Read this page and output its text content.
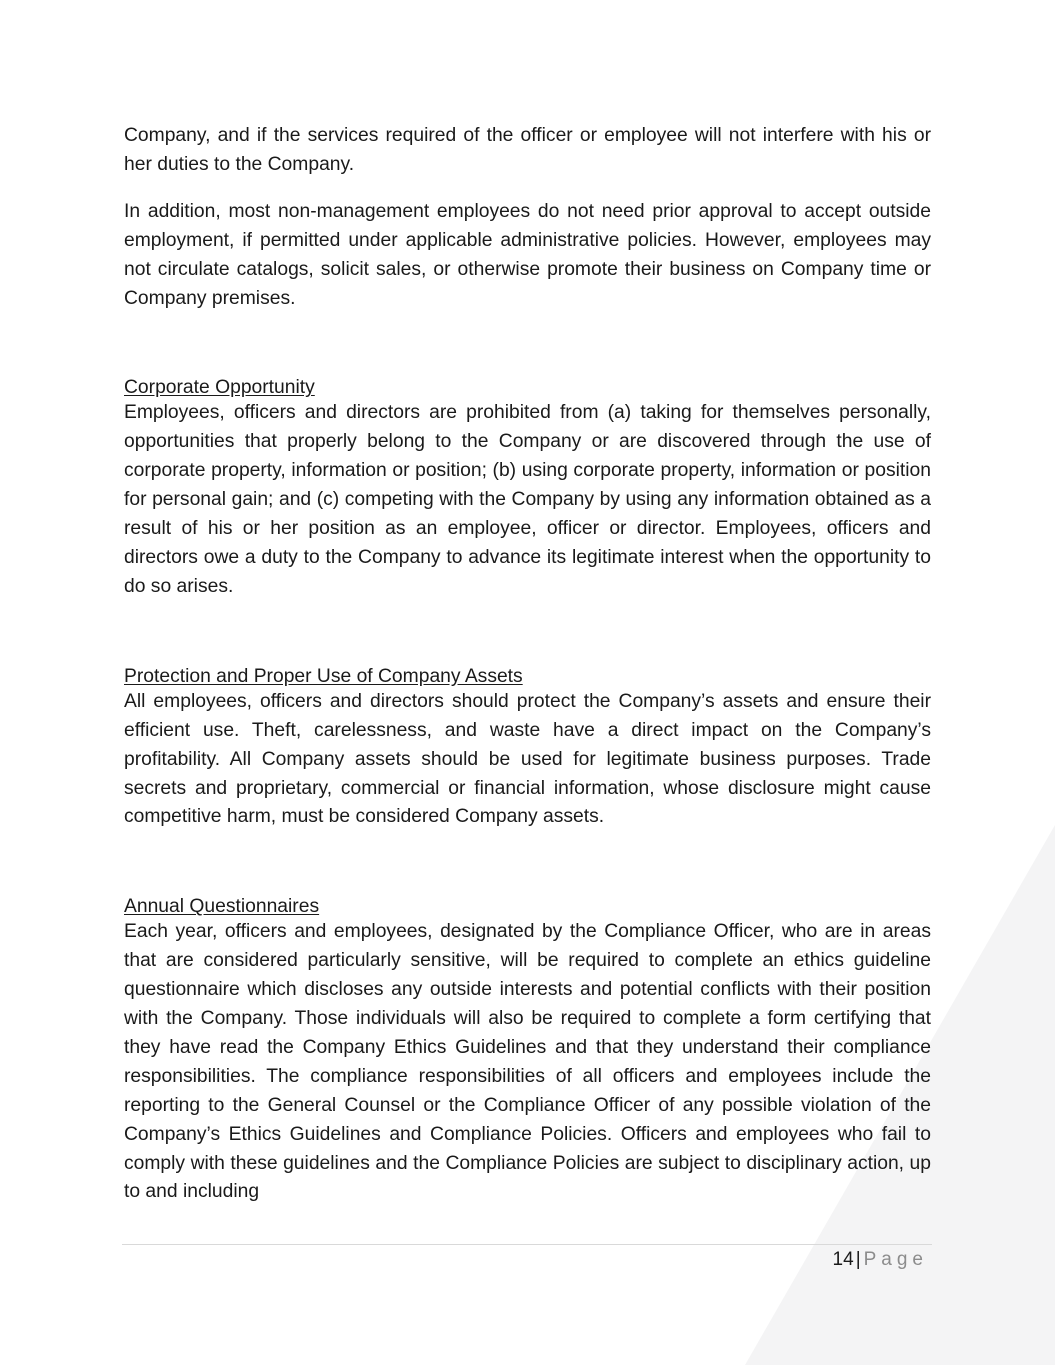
Company, and if the services required of the officer or employee will not interfere with his or her duties to the Company.

In addition, most non-management employees do not need prior approval to accept outside employment, if permitted under applicable administrative policies. However, employees may not circulate catalogs, solicit sales, or otherwise promote their business on Company time or Company premises.

Corporate Opportunity

Employees, officers and directors are prohibited from (a) taking for themselves personally, opportunities that properly belong to the Company or are discovered through the use of corporate property, information or position; (b) using corporate property, information or position for personal gain; and (c) competing with the Company by using any information obtained as a result of his or her position as an employee, officer or director. Employees, officers and directors owe a duty to the Company to advance its legitimate interest when the opportunity to do so arises.

Protection and Proper Use of Company Assets

All employees, officers and directors should protect the Company’s assets and ensure their efficient use. Theft, carelessness, and waste have a direct impact on the Company’s profitability. All Company assets should be used for legitimate business purposes. Trade secrets and proprietary, commercial or financial information, whose disclosure might cause competitive harm, must be considered Company assets.

Annual Questionnaires

Each year, officers and employees, designated by the Compliance Officer, who are in areas that are considered particularly sensitive, will be required to complete an ethics guideline questionnaire which discloses any outside interests and potential conflicts with their position with the Company. Those individuals will also be required to complete a form certifying that they have read the Company Ethics Guidelines and that they understand their compliance responsibilities. The compliance responsibilities of all officers and employees include the reporting to the General Counsel or the Compliance Officer of any possible violation of the Company’s Ethics Guidelines and Compliance Policies. Officers and employees who fail to comply with these guidelines and the Compliance Policies are subject to disciplinary action, up to and including

14 | Page
